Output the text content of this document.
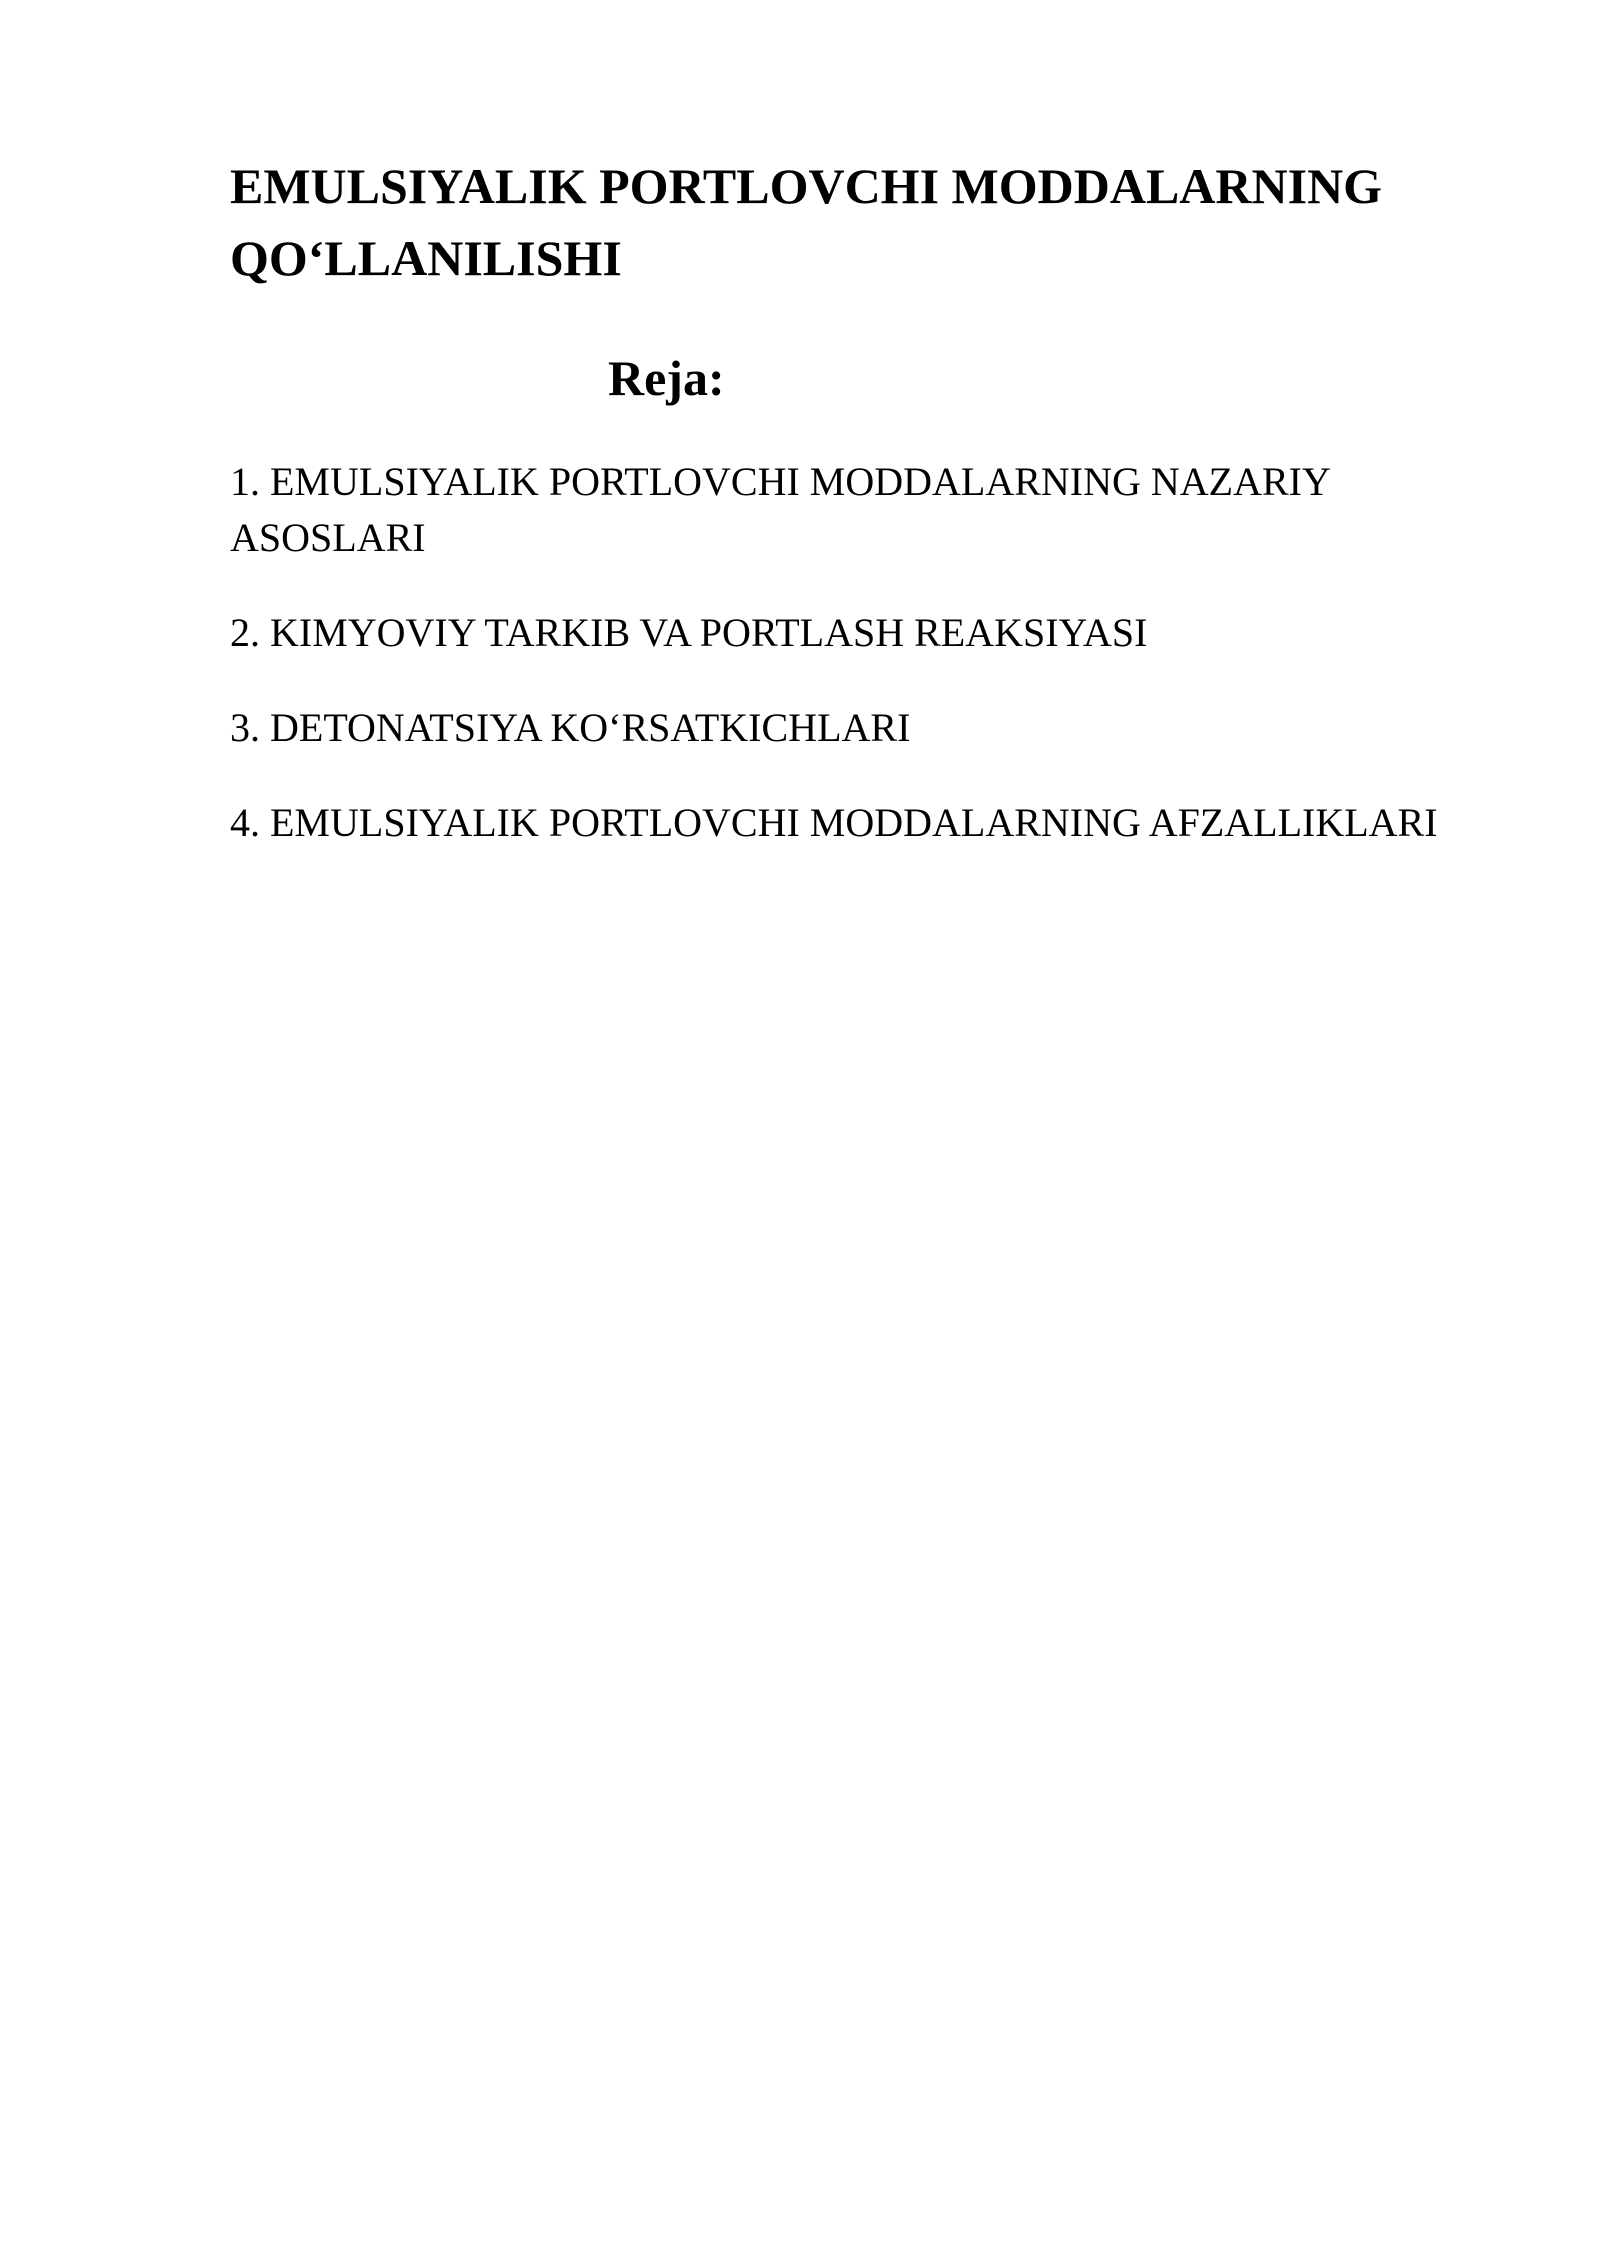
EMULSIYALIK PORTLOVCHI MODDALARNING QO‘LLANILISHI
Reja:
1. EMULSIYALIK PORTLOVCHI MODDALARNING NAZARIY ASOSLARI
2. KIMYOVIY TARKIB VA PORTLASH REAKSIYASI
3. DETONATSIYA KO‘RSATKICHLARI
4. EMULSIYALIK PORTLOVCHI MODDALARNING AFZALLIKLARI
